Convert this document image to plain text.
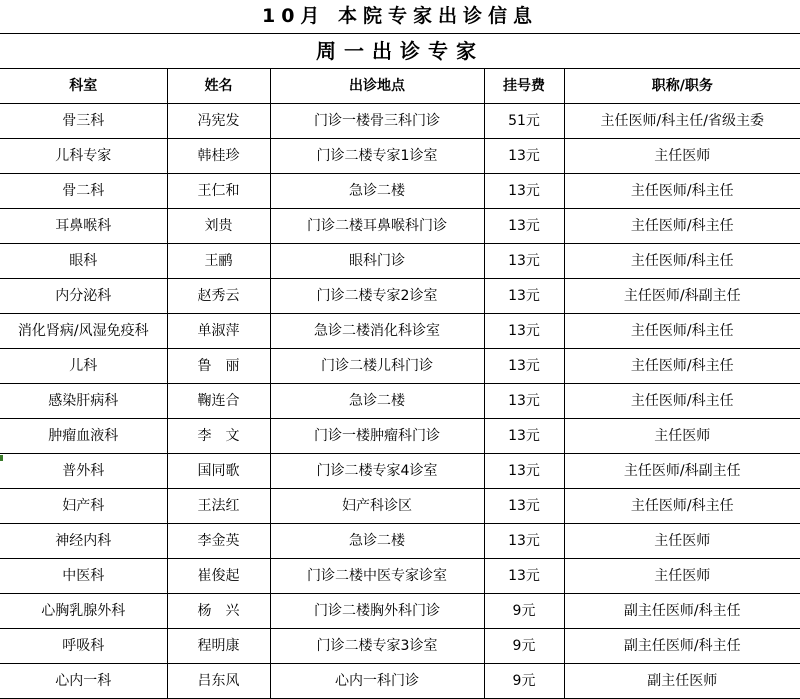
10月 本院专家出诊信息				
周一出诊专家				
科室	姓名	出诊地点	挂号费	职称/职务
骨三科	冯宪发	门诊一楼骨三科门诊	51元	主任医师/科主任/省级主委
儿科专家	韩桂珍	门诊二楼专家1诊室	13元	主任医师
骨二科	王仁和	急诊二楼	13元	主任医师/科主任
耳鼻喉科	刘贵	门诊二楼耳鼻喉科门诊	13元	主任医师/科主任
眼科	王鹂	眼科门诊	13元	主任医师/科主任
内分泌科	赵秀云	门诊二楼专家2诊室	13元	主任医师/科副主任
消化肾病/风湿免疫科	单淑萍	急诊二楼消化科诊室	13元	主任医师/科主任
儿科	鲁　丽	门诊二楼儿科门诊	13元	主任医师/科主任
感染肝病科	鞠连合	急诊二楼	13元	主任医师/科主任
肿瘤血液科	李　文	门诊一楼肿瘤科门诊	13元	主任医师
普外科	国同歌	门诊二楼专家4诊室	13元	主任医师/科副主任
妇产科	王法红	妇产科诊区	13元	主任医师/科主任
神经内科	李金英	急诊二楼	13元	主任医师
中医科	崔俊起	门诊二楼中医专家诊室	13元	主任医师
心胸乳腺外科	杨　兴	门诊二楼胸外科门诊	9元	副主任医师/科主任
呼吸科	程明康	门诊二楼专家3诊室	9元	副主任医师/科主任
心内一科	吕东风	心内一科门诊	9元	副主任医师
